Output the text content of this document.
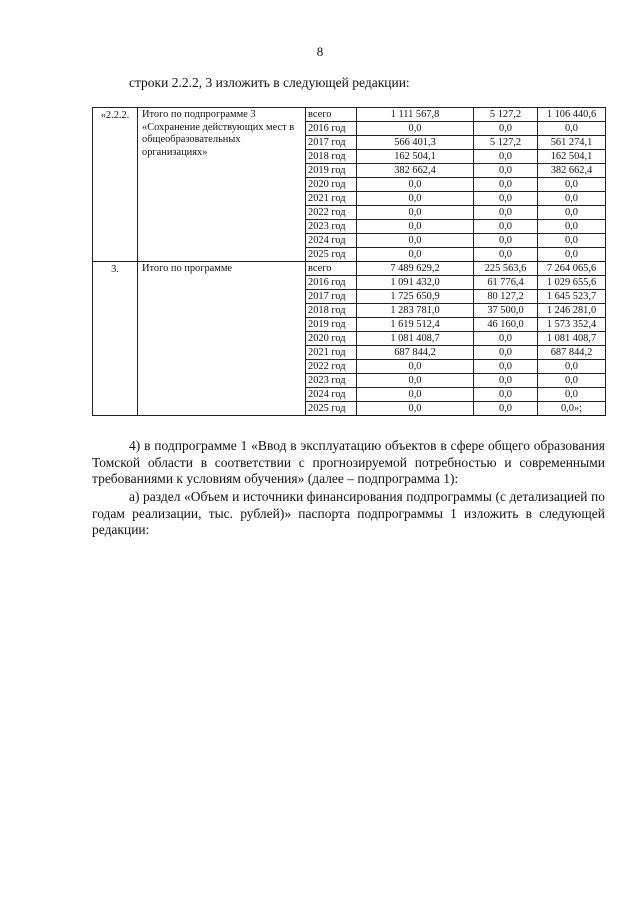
8
строки 2.2.2, 3 изложить в следующей редакции:
«2.2.2.	Итого по подпрограмме 3 «Сохранение действующих мест в общеобразовательных организациях»	всего	1 111 567,8	5 127,2	1 106 440,6
		2016 год	0,0	0,0	0,0
		2017 год	566 401,3	5 127,2	561 274,1
		2018 год	162 504,1	0,0	162 504,1
		2019 год	382 662,4	0,0	382 662,4
		2020 год	0,0	0,0	0,0
		2021 год	0,0	0,0	0,0
		2022 год	0,0	0,0	0,0
		2023 год	0,0	0,0	0,0
		2024 год	0,0	0,0	0,0
		2025 год	0,0	0,0	0,0
3.	Итого по программе	всего	7 489 629,2	225 563,6	7 264 065,6
		2016 год	1 091 432,0	61 776,4	1 029 655,6
		2017 год	1 725 650,9	80 127,2	1 645 523,7
		2018 год	1 283 781,0	37 500,0	1 246 281,0
		2019 год	1 619 512,4	46 160,0	1 573 352,4
		2020 год	1 081 408,7	0,0	1 081 408,7
		2021 год	687 844,2	0,0	687 844,2
		2022 год	0,0	0,0	0,0
		2023 год	0,0	0,0	0,0
		2024 год	0,0	0,0	0,0
		2025 год	0,0	0,0	0,0»;
4) в подпрограмме 1 «Ввод в эксплуатацию объектов в сфере общего образования Томской области в соответствии с прогнозируемой потребностью и современными требованиями к условиям обучения» (далее – подпрограмма 1):
а) раздел «Объем и источники финансирования подпрограммы (с детализацией по годам реализации, тыс. рублей)» паспорта подпрограммы 1 изложить в следующей редакции:
